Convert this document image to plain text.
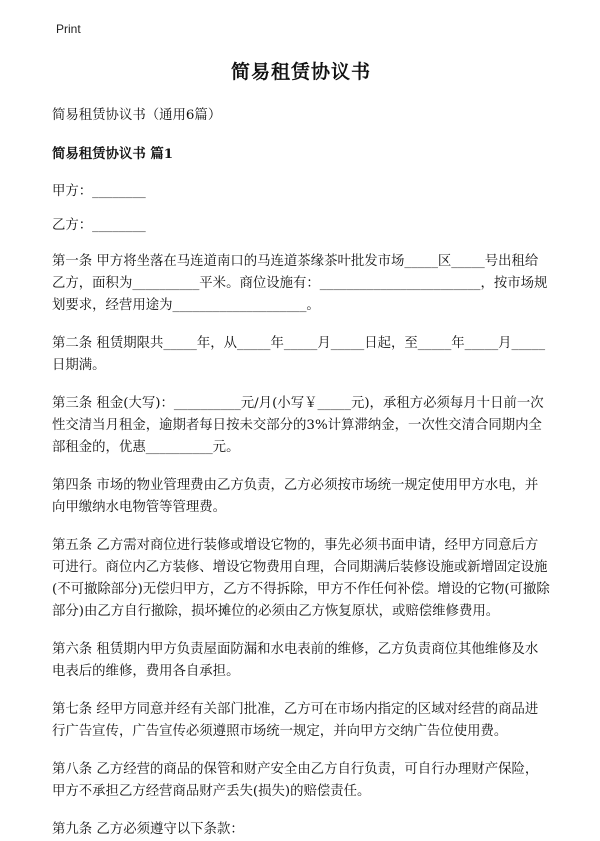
Print
简易租赁协议书

简易租赁协议书（通用6篇）

简易租赁协议书 篇1

甲方：________

乙方：________

第一条 甲方将坐落在马连道南口的马连道茶缘茶叶批发市场_____区_____号出租给乙方，面积为__________平米。商位设施有：________________________，按市场规划要求，经营用途为____________________。

第二条 租赁期限共_____年，从_____年_____月_____日起，至_____年_____月_____日期满。

第三条 租金(大写)：__________元/月(小写￥_____元)，承租方必须每月十日前一次性交清当月租金，逾期者每日按未交部分的3%计算滞纳金，一次性交清合同期内全部租金的，优惠__________元。

第四条 市场的物业管理费由乙方负责，乙方必须按市场统一规定使用甲方水电，并向甲缴纳水电物管等管理费。

第五条 乙方需对商位进行装修或增设它物的，事先必须书面申请，经甲方同意后方可进行。商位内乙方装修、增设它物费用自理，合同期满后装修设施或新增固定设施(不可撤除部分)无偿归甲方，乙方不得拆除，甲方不作任何补偿。增设的它物(可撤除部分)由乙方自行撤除，损坏摊位的必须由乙方恢复原状，或赔偿维修费用。

第六条 租赁期内甲方负责屋面防漏和水电表前的维修，乙方负责商位其他维修及水电表后的维修，费用各自承担。

第七条 经甲方同意并经有关部门批准，乙方可在市场内指定的区域对经营的商品进行广告宣传，广告宣传必须遵照市场统一规定，并向甲方交纳广告位使用费。

第八条 乙方经营的商品的保管和财产安全由乙方自行负责，可自行办理财产保险，甲方不承担乙方经营商品财产丢失(损失)的赔偿责任。

第九条 乙方必须遵守以下条款：
